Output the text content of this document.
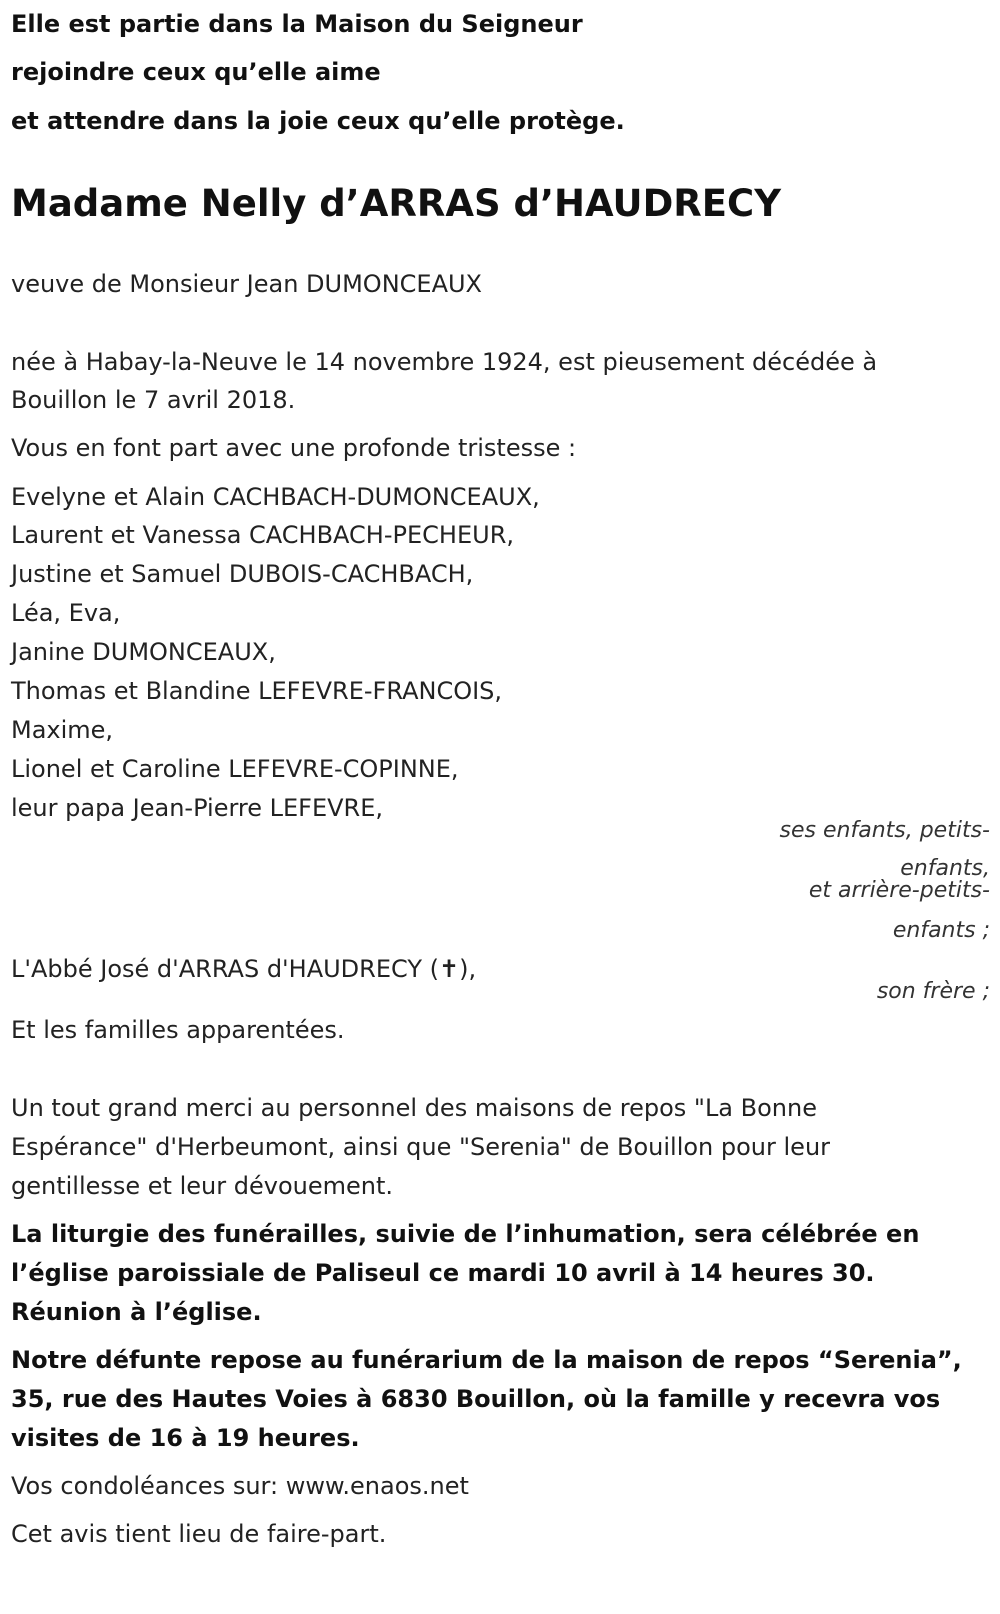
Elle est partie dans la Maison du Seigneur
rejoindre ceux qu’elle aime
et attendre dans la joie ceux qu’elle protège.
Madame Nelly d’ARRAS d’HAUDRECY
veuve de Monsieur Jean DUMONCEAUX
née à Habay-la-Neuve le 14 novembre 1924, est pieusement décédée à
Bouillon le 7 avril 2018.
Vous en font part avec une profonde tristesse :
Evelyne et Alain CACHBACH-DUMONCEAUX,
Laurent et Vanessa CACHBACH-PECHEUR,
Justine et Samuel DUBOIS-CACHBACH,
Léa, Eva,
Janine DUMONCEAUX,
Thomas et Blandine LEFEVRE-FRANCOIS,
Maxime,
Lionel et Caroline LEFEVRE-COPINNE,
leur papa Jean-Pierre LEFEVRE,
ses enfants, petits-
enfants,
et arrière-petits-
enfants ;
L'Abbé José d'ARRAS d'HAUDRECY (✝),
son frère ;
Et les familles apparentées.
Un tout grand merci au personnel des maisons de repos "La Bonne
Espérance" d'Herbeumont, ainsi que "Serenia" de Bouillon pour leur
gentillesse et leur dévouement.
La liturgie des funérailles, suivie de l’inhumation, sera célébrée en
l’église paroissiale de Paliseul ce mardi 10 avril à 14 heures 30.
Réunion à l’église.
Notre défunte repose au funérarium de la maison de repos “Serenia”,
35, rue des Hautes Voies à 6830 Bouillon, où la famille y recevra vos
visites de 16 à 19 heures.
Vos condoléances sur: www.enaos.net
Cet avis tient lieu de faire-part.
